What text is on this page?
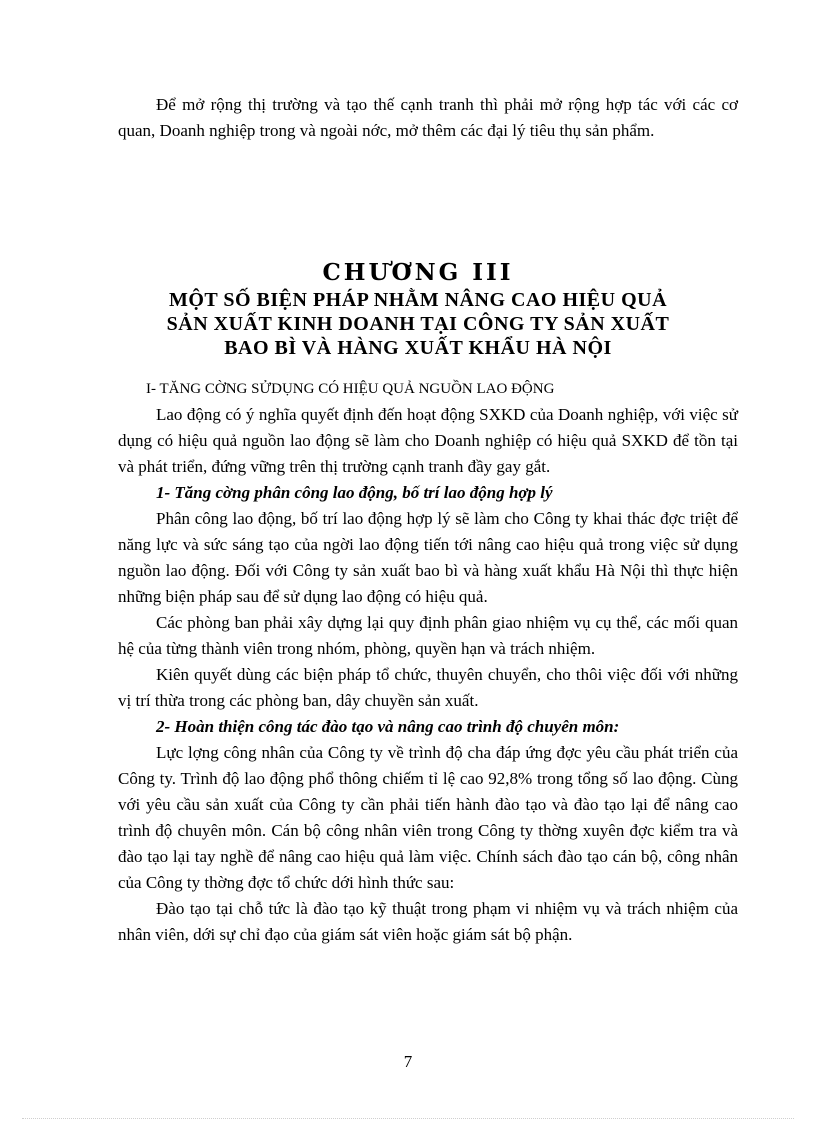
Để mở rộng thị trường và tạo thế cạnh tranh thì phải mở rộng hợp tác với các cơ quan, Doanh nghiệp trong và ngoài nớc, mở thêm các đại lý tiêu thụ sản phẩm.

CHƯƠNG III
MỘT SỐ BIỆN PHÁP NHẰM NÂNG CAO HIỆU QUẢ
SẢN XUẤT KINH DOANH TẠI CÔNG TY SẢN XUẤT
BAO BÌ VÀ HÀNG XUẤT KHẨU HÀ NỘI

I- TĂNG CỜNG SỬDỤNG CÓ HIỆU QUẢ NGUỒN LAO ĐỘNG

Lao động có ý nghĩa quyết định đến hoạt động SXKD của Doanh nghiệp, với việc sử dụng có hiệu quả nguồn lao động sẽ làm cho Doanh nghiệp có hiệu quả SXKD để tồn tại và phát triển, đứng vững trên thị trường cạnh tranh đầy gay gắt.

1- Tăng cờng phân công lao động, bố trí lao động hợp lý

Phân công lao động, bố trí lao động hợp lý sẽ làm cho Công ty khai thác đợc triệt để năng lực và sức sáng tạo của ngời lao động tiến tới nâng cao hiệu quả trong việc sử dụng nguồn lao động. Đối với Công ty sản xuất bao bì và hàng xuất khẩu Hà Nội thì thực hiện những biện pháp sau để sử dụng lao động có hiệu quả.

Các phòng ban phải xây dựng lại quy định phân giao nhiệm vụ cụ thể, các mối quan hệ của từng thành viên trong nhóm, phòng, quyền hạn và trách nhiệm.

Kiên quyết dùng các biện pháp tổ chức, thuyên chuyển, cho thôi việc đối với những vị trí thừa trong các phòng ban, dây chuyền sản xuất.

2- Hoàn thiện công tác đào tạo và nâng cao trình độ chuyên môn:

Lực lợng công nhân của Công ty về trình độ cha đáp ứng đợc yêu cầu phát triển của Công ty. Trình độ lao động phổ thông chiếm tỉ lệ cao 92,8% trong tổng số lao động. Cùng với yêu cầu sản xuất của Công ty cần phải tiến hành đào tạo và đào tạo lại để nâng cao trình độ chuyên môn. Cán bộ công nhân viên trong Công ty thờng xuyên đợc kiểm tra và đào tạo lại tay nghề để nâng cao hiệu quả làm việc. Chính sách đào tạo cán bộ, công nhân của Công ty thờng đợc tổ chức dới hình thức sau:

Đào tạo tại chỗ tức là đào tạo kỹ thuật trong phạm vi nhiệm vụ và trách nhiệm của nhân viên, dới sự chỉ đạo của giám sát viên hoặc giám sát bộ phận.

7
